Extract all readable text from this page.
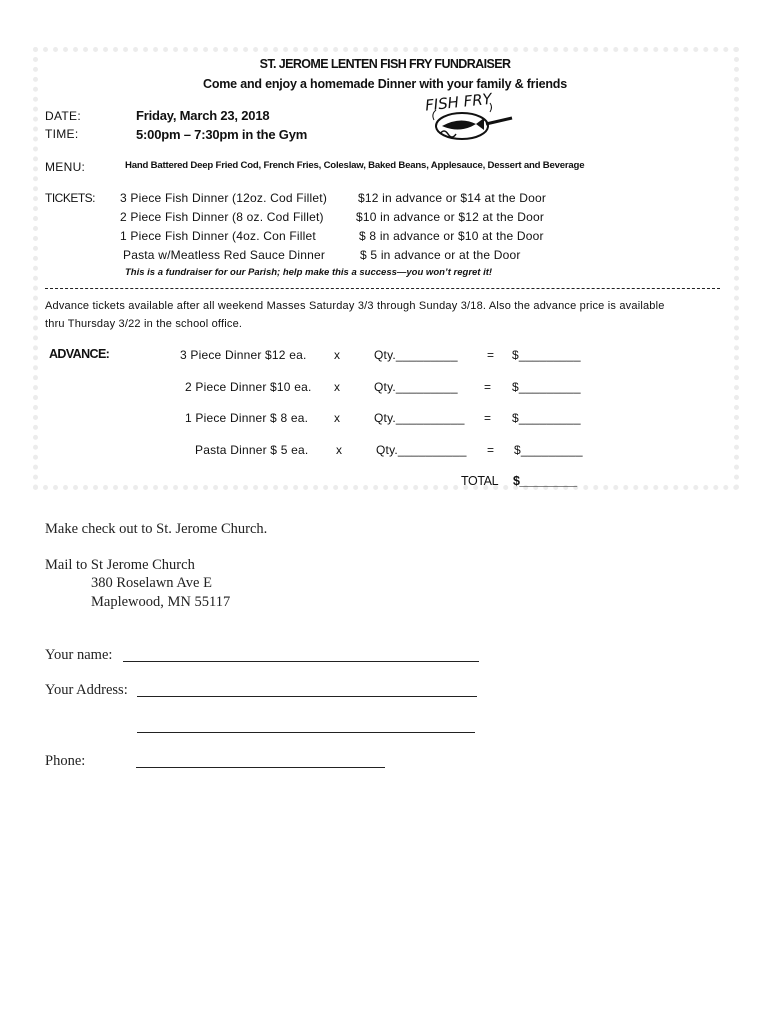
ST. JEROME LENTEN FISH FRY FUNDRAISER
Come and enjoy a homemade Dinner with your family & friends
DATE:	Friday, March 23, 2018
TIME:	5:00pm – 7:30pm in the Gym
FISH FRY
MENU:	Hand Battered Deep Fried Cod, French Fries, Coleslaw, Baked Beans, Applesauce, Dessert and Beverage
TICKETS: 3 Piece Fish Dinner (12oz. Cod Fillet)	$12 in advance or $14 at the Door
2 Piece Fish Dinner (8 oz. Cod Fillet)	$10 in advance or $12 at the Door
1 Piece Fish Dinner (4oz. Con Fillet	$ 8 in advance or $10 at the Door
Pasta w/Meatless Red Sauce Dinner	$ 5 in advance or at the Door
This is a fundraiser for our Parish; help make this a success—you won’t regret it!
Advance tickets available after all weekend Masses Saturday 3/3 through Sunday 3/18. Also the advance price is available
thru Thursday 3/22 in the school office.
ADVANCE:	3 Piece Dinner $12 ea. x	Qty._________ = $_________
2 Piece Dinner $10 ea. x	Qty._________ = $_________
1 Piece Dinner $ 8 ea. x	Qty.__________ = $_________
Pasta Dinner $ 5 ea. x	Qty.__________ = $_________
TOTAL $_________
Make check out to St. Jerome Church.
Mail to St Jerome Church
380 Roselawn Ave E
Maplewood, MN 55117
Your name:
Your Address:
Phone:
